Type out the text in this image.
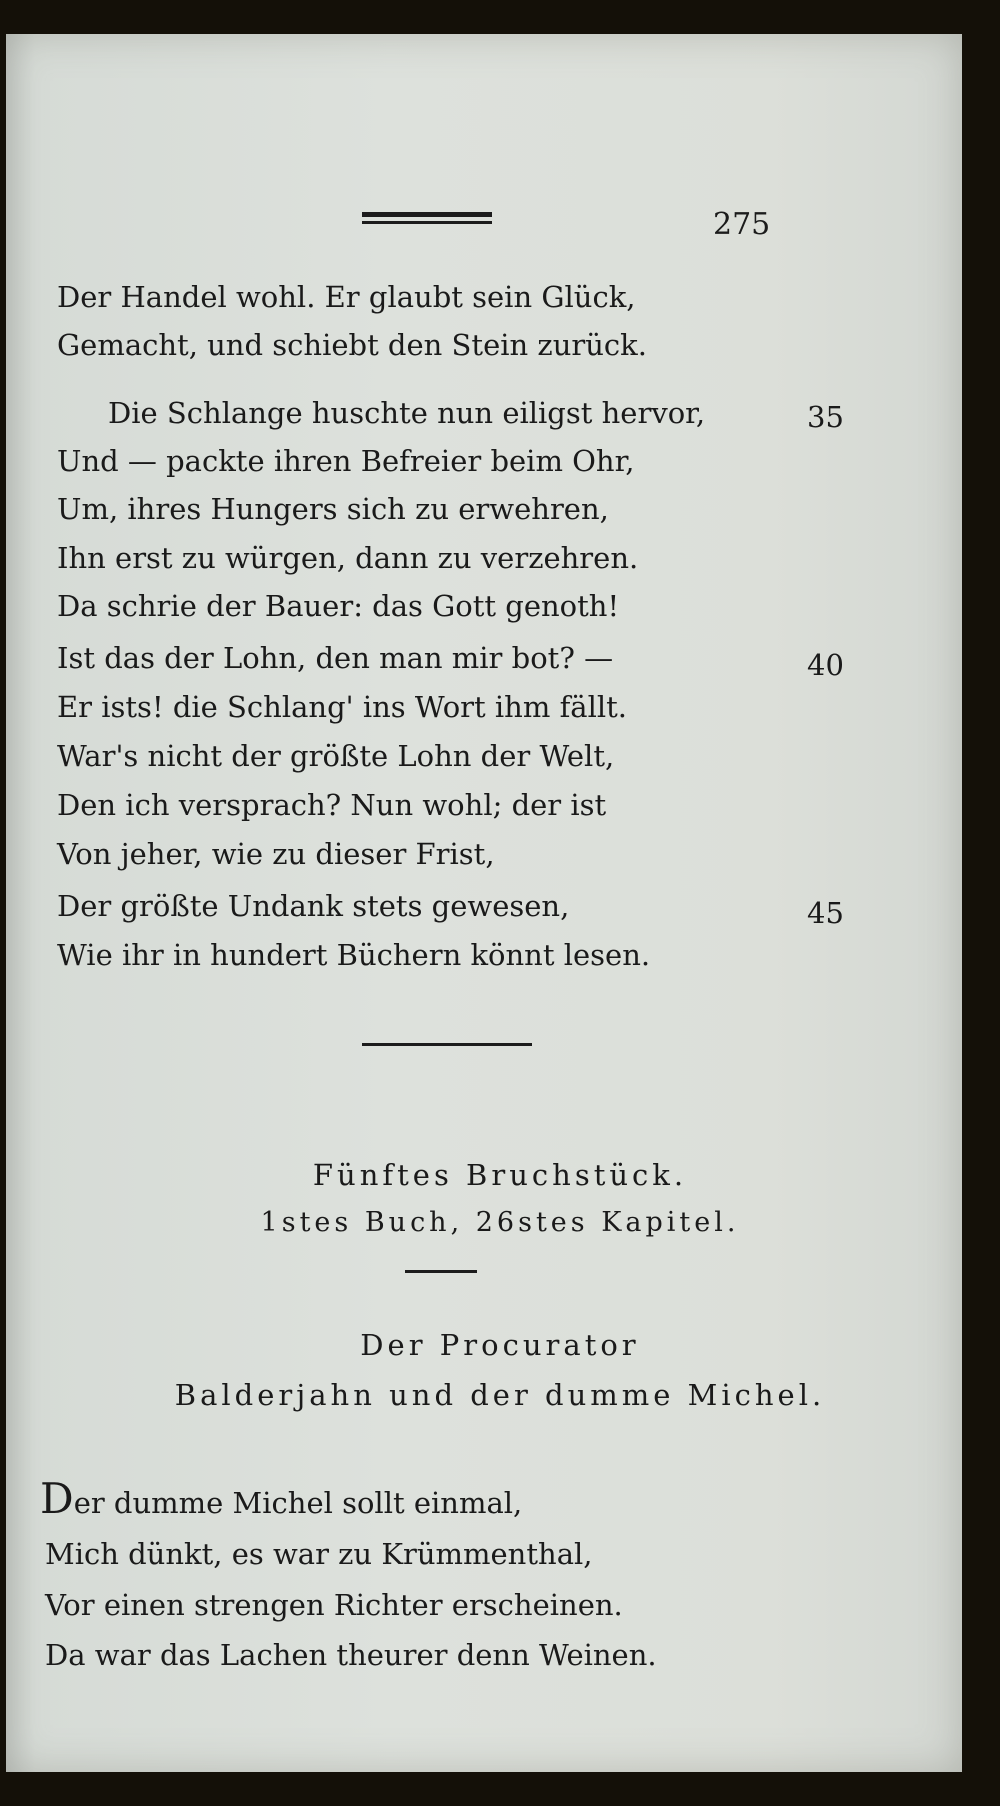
275
Der Handel wohl. Er glaubt sein Glück,
Gemacht, und schiebt den Stein zurück.
Die Schlange huschte nun eiligst hervor,
Und — packte ihren Befreier beim Ohr,
Um, ihres Hungers sich zu erwehren,
Ihn erst zu würgen, dann zu verzehren.
Da schrie der Bauer: das Gott genoth!
Ist das der Lohn, den man mir bot? —
Er ists! die Schlang' ins Wort ihm fällt.
War's nicht der größte Lohn der Welt,
Den ich versprach? Nun wohl; der ist
Von jeher, wie zu dieser Frist,
Der größte Undank stets gewesen,
Wie ihr in hundert Büchern könnt lesen.
35
40
45
Fünftes Bruchstück.
1stes Buch, 26stes Kapitel.
Der Procurator
Balderjahn und der dumme Michel.
Der dumme Michel sollt einmal,
Mich dünkt, es war zu Krümmenthal,
Vor einen strengen Richter erscheinen.
Da war das Lachen theurer denn Weinen.
